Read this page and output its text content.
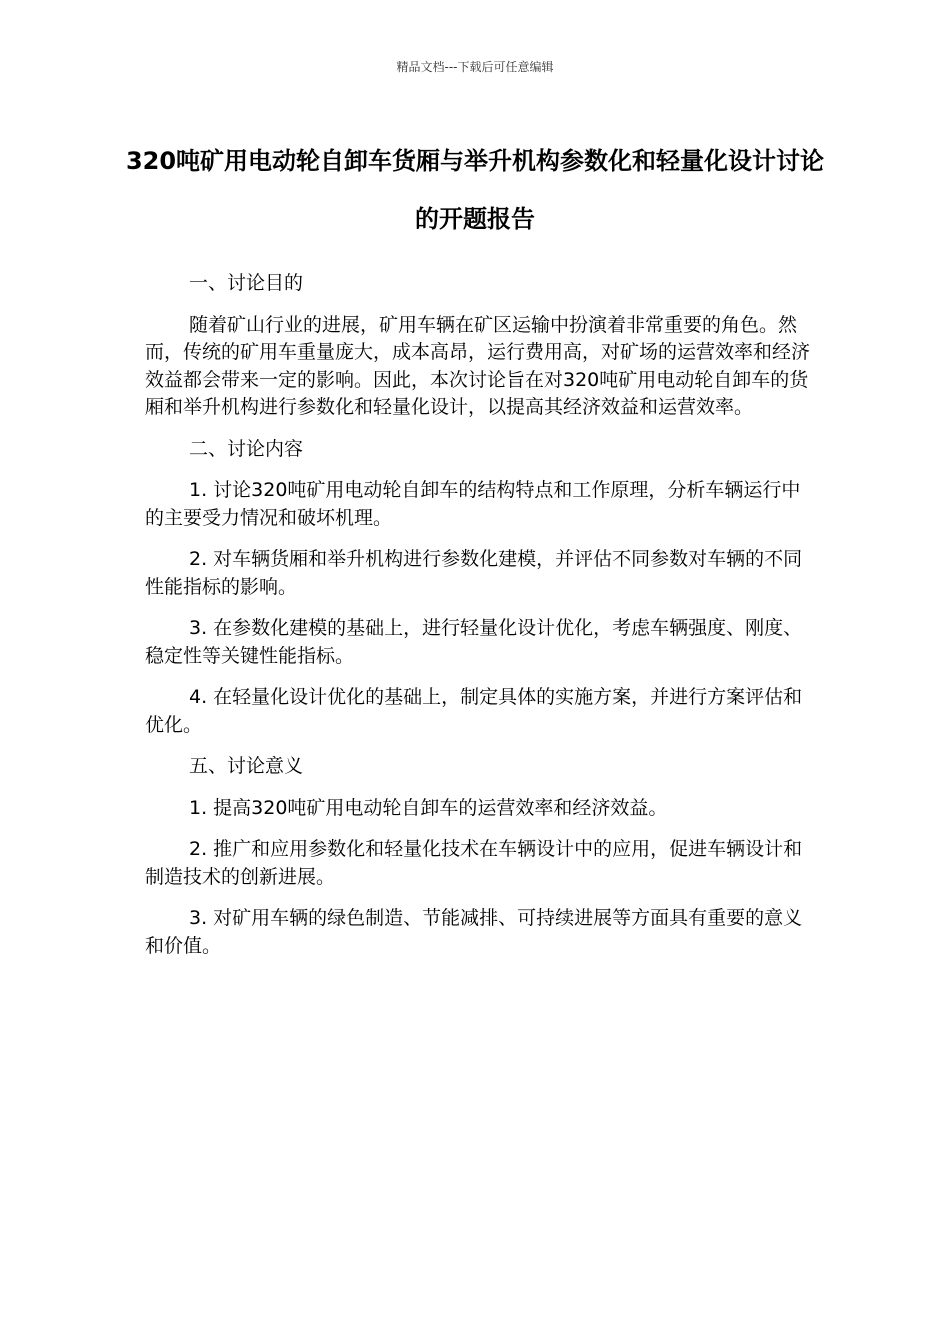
精品文档---下载后可任意编辑
320吨矿用电动轮自卸车货厢与举升机构参数化和轻量化设计讨论的开题报告

一、讨论目的

随着矿山行业的进展，矿用车辆在矿区运输中扮演着非常重要的角色。然而，传统的矿用车重量庞大，成本高昂，运行费用高，对矿场的运营效率和经济效益都会带来一定的影响。因此，本次讨论旨在对320吨矿用电动轮自卸车的货厢和举升机构进行参数化和轻量化设计，以提高其经济效益和运营效率。

二、讨论内容

1. 讨论320吨矿用电动轮自卸车的结构特点和工作原理，分析车辆运行中的主要受力情况和破坏机理。

2. 对车辆货厢和举升机构进行参数化建模，并评估不同参数对车辆的不同性能指标的影响。

3. 在参数化建模的基础上，进行轻量化设计优化，考虑车辆强度、刚度、稳定性等关键性能指标。

4. 在轻量化设计优化的基础上，制定具体的实施方案，并进行方案评估和优化。

五、讨论意义

1. 提高320吨矿用电动轮自卸车的运营效率和经济效益。

2. 推广和应用参数化和轻量化技术在车辆设计中的应用，促进车辆设计和制造技术的创新进展。

3. 对矿用车辆的绿色制造、节能减排、可持续进展等方面具有重要的意义和价值。
